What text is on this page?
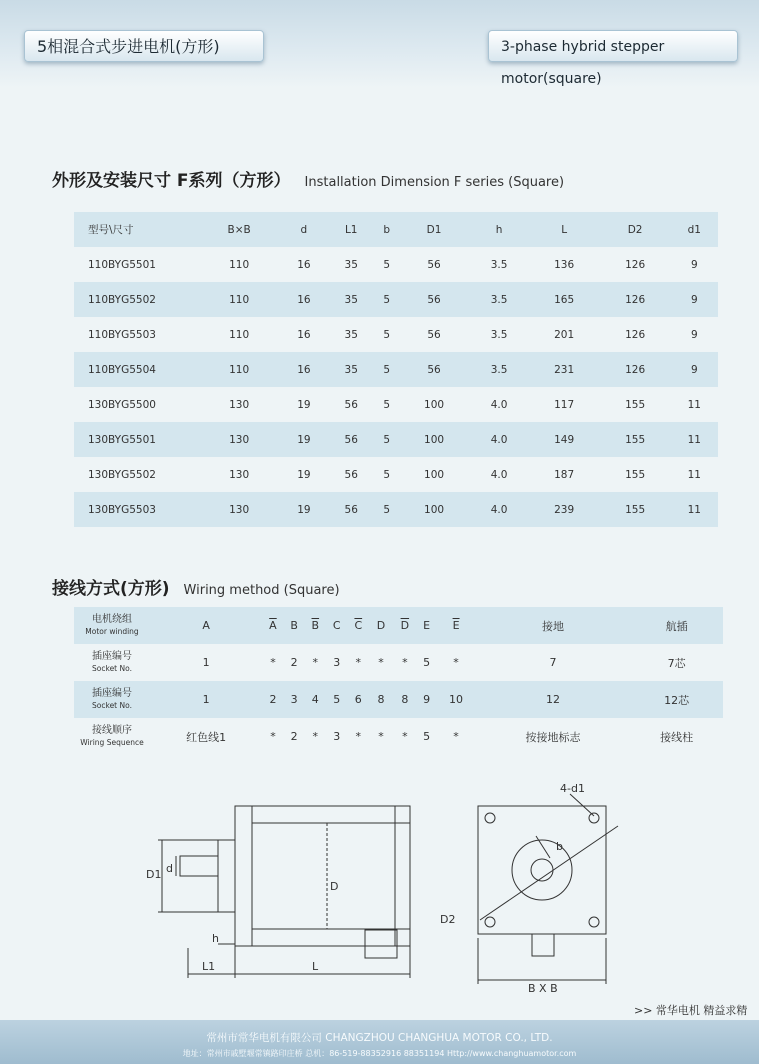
5相混合式步进电机(方形)	3-phase hybrid stepper motor(square)
外形及安装尺寸 F系列（方形） Installation Dimension F series (Square)
型号\尺寸	B×B	d	L1	b	D1	h	L	D2	d1
110BYG5501	110	16	35	5	56	3.5	136	126	9
110BYG5502	110	16	35	5	56	3.5	165	126	9
110BYG5503	110	16	35	5	56	3.5	201	126	9
110BYG5504	110	16	35	5	56	3.5	231	126	9
130BYG5500	130	19	56	5	100	4.0	117	155	11
130BYG5501	130	19	56	5	100	4.0	149	155	11
130BYG5502	130	19	56	5	100	4.0	187	155	11
130BYG5503	130	19	56	5	100	4.0	239	155	11
接线方式(方形) Wiring method (Square)
电机绕组
Motor winding	A	$\overline{A}$	B	$\overline{B}$	C	$\overline{C}$	D	$\overline{D}$	E	$\overline{E}$	接地	航插
插座编号
Socket No.	1	*	2	*	3	*	*	*	5	*	7	7芯
插座编号
Socket No.	1	2	3	4	5	6	8	8	9	10	12	12芯
接线顺序
Wiring Sequence	红色线1	*	2	*	3	*	*	*	5	*	按接地标志	接线柱
D1 d
D
h
L1	L
4-d1
b
D2
B X B
>> 常华电机 精益求精
常州市常华电机有限公司 CHANGZHOU CHANGHUA MOTOR CO., LTD.
地址：常州市戚墅堰常镇路印庄桥 总机：86-519-88352916 88351194 Http://www.changhuamotor.com
